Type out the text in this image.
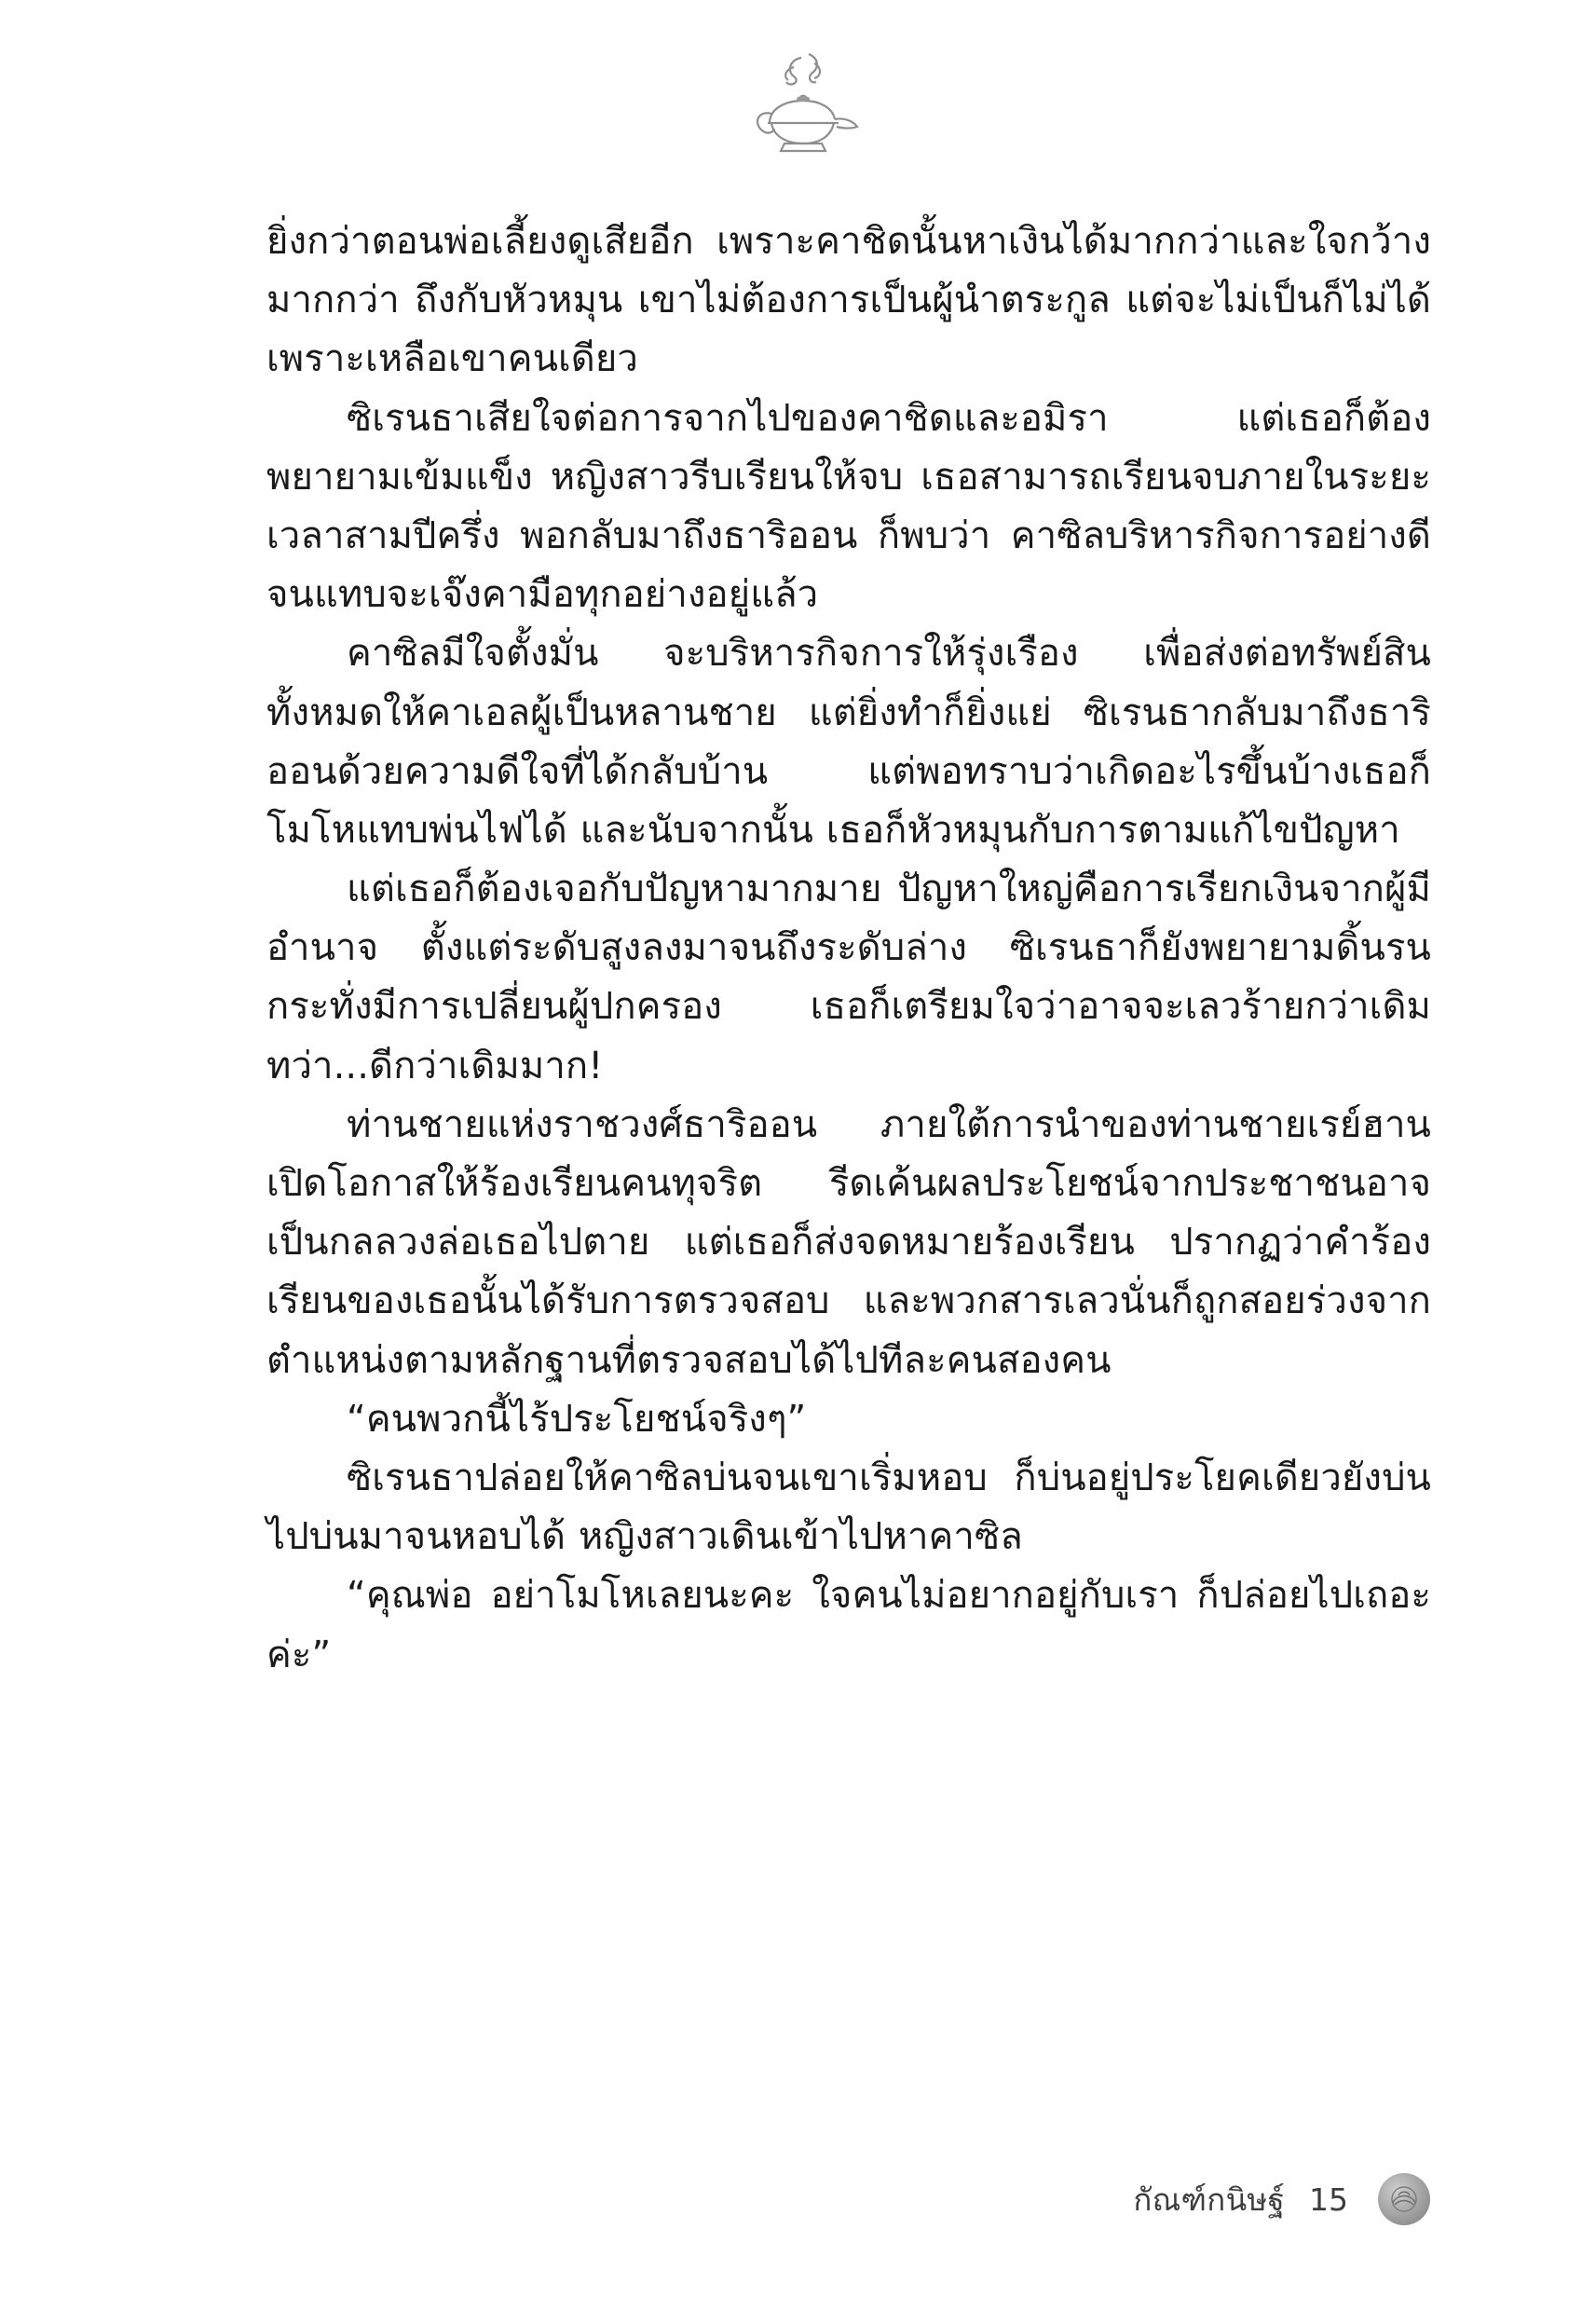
ยิ่งกว่าตอนพ่อเลี้ยงดูเสียอีก เพราะคาชิดนั้นหาเงินได้มากกว่าและใจกว้างมากกว่า ถึงกับหัวหมุน เขาไม่ต้องการเป็นผู้นำตระกูล แต่จะไม่เป็นก็ไม่ได้ เพราะเหลือเขาคนเดียว

ซิเรนธาเสียใจต่อการจากไปของคาชิดและอมิรา แต่เธอก็ต้องพยายามเข้มแข็ง หญิงสาวรีบเรียนให้จบ เธอสามารถเรียนจบภายในระยะเวลาสามปีครึ่ง พอกลับมาถึงธาริออน ก็พบว่า คาซิลบริหารกิจการอย่างดีจนแทบจะเจ๊งคามือทุกอย่างอยู่แล้ว

คาซิลมีใจตั้งมั่น จะบริหารกิจการให้รุ่งเรือง เพื่อส่งต่อทรัพย์สินทั้งหมดให้คาเอลผู้เป็นหลานชาย แต่ยิ่งทำก็ยิ่งแย่ ซิเรนธากลับมาถึงธาริออนด้วยความดีใจที่ได้กลับบ้าน แต่พอทราบว่าเกิดอะไรขึ้นบ้างเธอก็โมโหแทบพ่นไฟได้ และนับจากนั้น เธอก็หัวหมุนกับการตามแก้ไขปัญหา

แต่เธอก็ต้องเจอกับปัญหามากมาย ปัญหาใหญ่คือการเรียกเงินจากผู้มีอำนาจ ตั้งแต่ระดับสูงลงมาจนถึงระดับล่าง ซิเรนธาก็ยังพยายามดิ้นรน กระทั่งมีการเปลี่ยนผู้ปกครอง เธอก็เตรียมใจว่าอาจจะเลวร้ายกว่าเดิม ทว่า...ดีกว่าเดิมมาก!

ท่านชายแห่งราชวงศ์ธาริออน ภายใต้การนำของท่านชายเรย์ฮานเปิดโอกาสให้ร้องเรียนคนทุจริต รีดเค้นผลประโยชน์จากประชาชนอาจเป็นกลลวงล่อเธอไปตาย แต่เธอก็ส่งจดหมายร้องเรียน ปรากฏว่าคำร้องเรียนของเธอนั้นได้รับการตรวจสอบ และพวกสารเลวนั่นก็ถูกสอยร่วงจากตำแหน่งตามหลักฐานที่ตรวจสอบได้ไปทีละคนสองคน

“คนพวกนี้ไร้ประโยชน์จริงๆ”

ซิเรนธาปล่อยให้คาซิลบ่นจนเขาเริ่มหอบ ก็บ่นอยู่ประโยคเดียวยังบ่นไปบ่นมาจนหอบได้ หญิงสาวเดินเข้าไปหาคาซิล

“คุณพ่อ อย่าโมโหเลยนะคะ ใจคนไม่อยากอยู่กับเรา ก็ปล่อยไปเถอะค่ะ”

กัณฑ์กนิษฐ์ 15
